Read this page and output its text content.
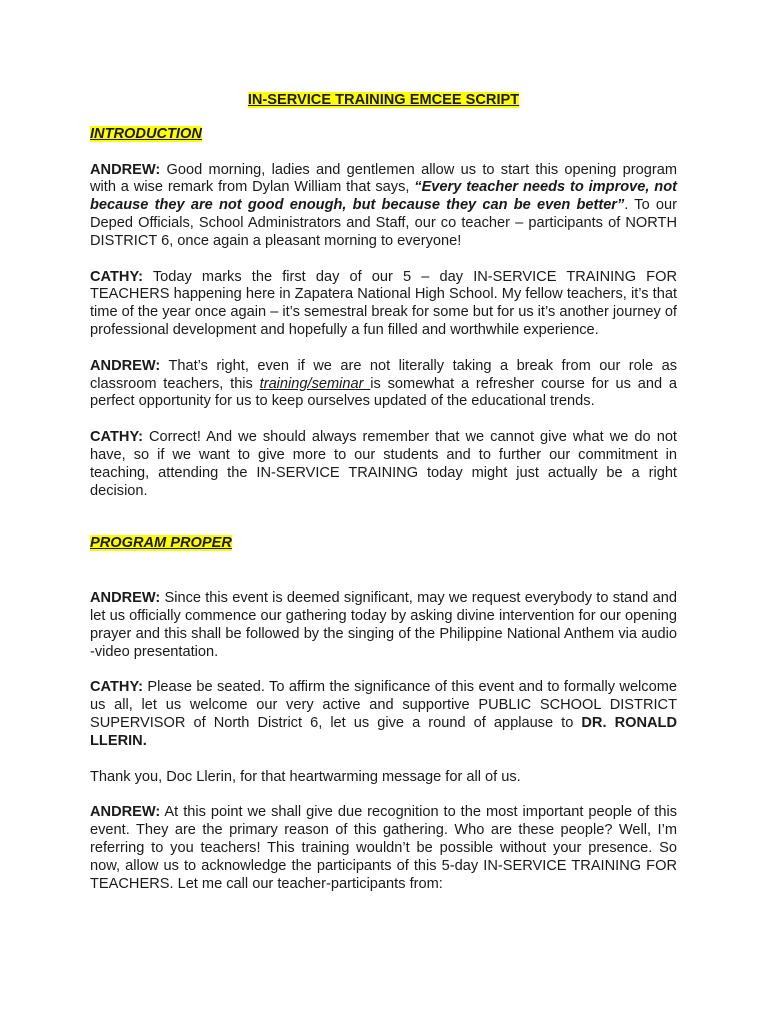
IN-SERVICE TRAINING EMCEE SCRIPT
INTRODUCTION

ANDREW: Good morning, ladies and gentlemen allow us to start this opening program with a wise remark from Dylan William that says, “Every teacher needs to improve, not because they are not good enough, but because they can be even better”. To our Deped Officials, School Administrators and Staff, our co teacher – participants of NORTH DISTRICT 6, once again a pleasant morning to everyone!

CATHY: Today marks the first day of our 5 – day IN-SERVICE TRAINING FOR TEACHERS happening here in Zapatera National High School. My fellow teachers, it’s that time of the year once again – it’s semestral break for some but for us it’s another journey of professional development and hopefully a fun filled and worthwhile experience.

ANDREW: That’s right, even if we are not literally taking a break from our role as classroom teachers, this training/seminar is somewhat a refresher course for us and a perfect opportunity for us to keep ourselves updated of the educational trends.

CATHY: Correct! And we should always remember that we cannot give what we do not have, so if we want to give more to our students and to further our commitment in teaching, attending the IN-SERVICE TRAINING today might just actually be a right decision.

PROGRAM PROPER

ANDREW: Since this event is deemed significant, may we request everybody to stand and let us officially commence our gathering today by asking divine intervention for our opening prayer and this shall be followed by the singing of the Philippine National Anthem via audio -video presentation.

CATHY: Please be seated. To affirm the significance of this event and to formally welcome us all, let us welcome our very active and supportive PUBLIC SCHOOL DISTRICT SUPERVISOR of North District 6, let us give a round of applause to DR. RONALD LLERIN.

Thank you, Doc Llerin, for that heartwarming message for all of us.

ANDREW: At this point we shall give due recognition to the most important people of this event. They are the primary reason of this gathering. Who are these people? Well, I’m referring to you teachers! This training wouldn’t be possible without your presence. So now, allow us to acknowledge the participants of this 5-day IN-SERVICE TRAINING FOR TEACHERS. Let me call our teacher-participants from:
